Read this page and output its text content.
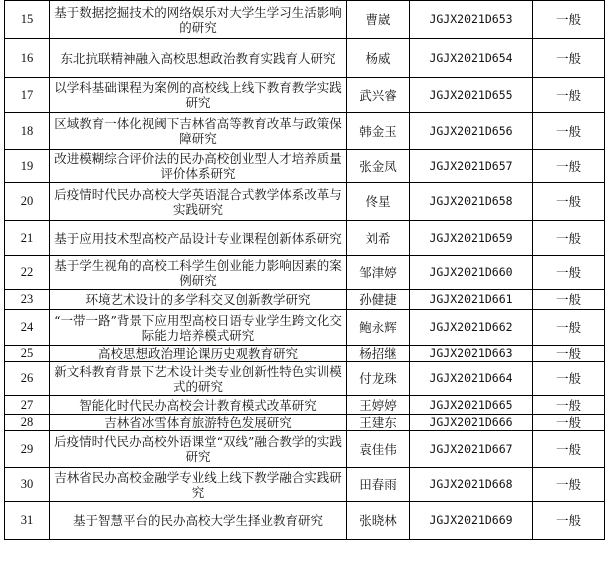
15	基于数据挖掘技术的网络娱乐对大学生学习生活影响的研究	曹崴	JGJX2021D653	一般
16	东北抗联精神融入高校思想政治教育实践育人研究	杨威	JGJX2021D654	一般
17	以学科基础课程为案例的高校线上线下教育教学实践研究	武兴睿	JGJX2021D655	一般
18	区域教育一体化视阈下吉林省高等教育改革与政策保障研究	韩金玉	JGJX2021D656	一般
19	改进模糊综合评价法的民办高校创业型人才培养质量评价体系研究	张金凤	JGJX2021D657	一般
20	后疫情时代民办高校大学英语混合式教学体系改革与实践研究	佟星	JGJX2021D658	一般
21	基于应用技术型高校产品设计专业课程创新体系研究	刘希	JGJX2021D659	一般
22	基于学生视角的高校工科学生创业能力影响因素的案例研究	邹津婷	JGJX2021D660	一般
23	环境艺术设计的多学科交叉创新教学研究	孙健捷	JGJX2021D661	一般
24	“一带一路”背景下应用型高校日语专业学生跨文化交际能力培养模式研究	鲍永辉	JGJX2021D662	一般
25	高校思想政治理论课历史观教育研究	杨招继	JGJX2021D663	一般
26	新文科教育背景下艺术设计类专业创新性特色实训模式的研究	付龙珠	JGJX2021D664	一般
27	智能化时代民办高校会计教育模式改革研究	王婷婷	JGJX2021D665	一般
28	吉林省冰雪体育旅游特色发展研究	王建东	JGJX2021D666	一般
29	后疫情时代民办高校外语课堂“双线”融合教学的实践研究	袁佳伟	JGJX2021D667	一般
30	吉林省民办高校金融学专业线上线下教学融合实践研究	田春雨	JGJX2021D668	一般
31	基于智慧平台的民办高校大学生择业教育研究	张晓林	JGJX2021D669	一般
